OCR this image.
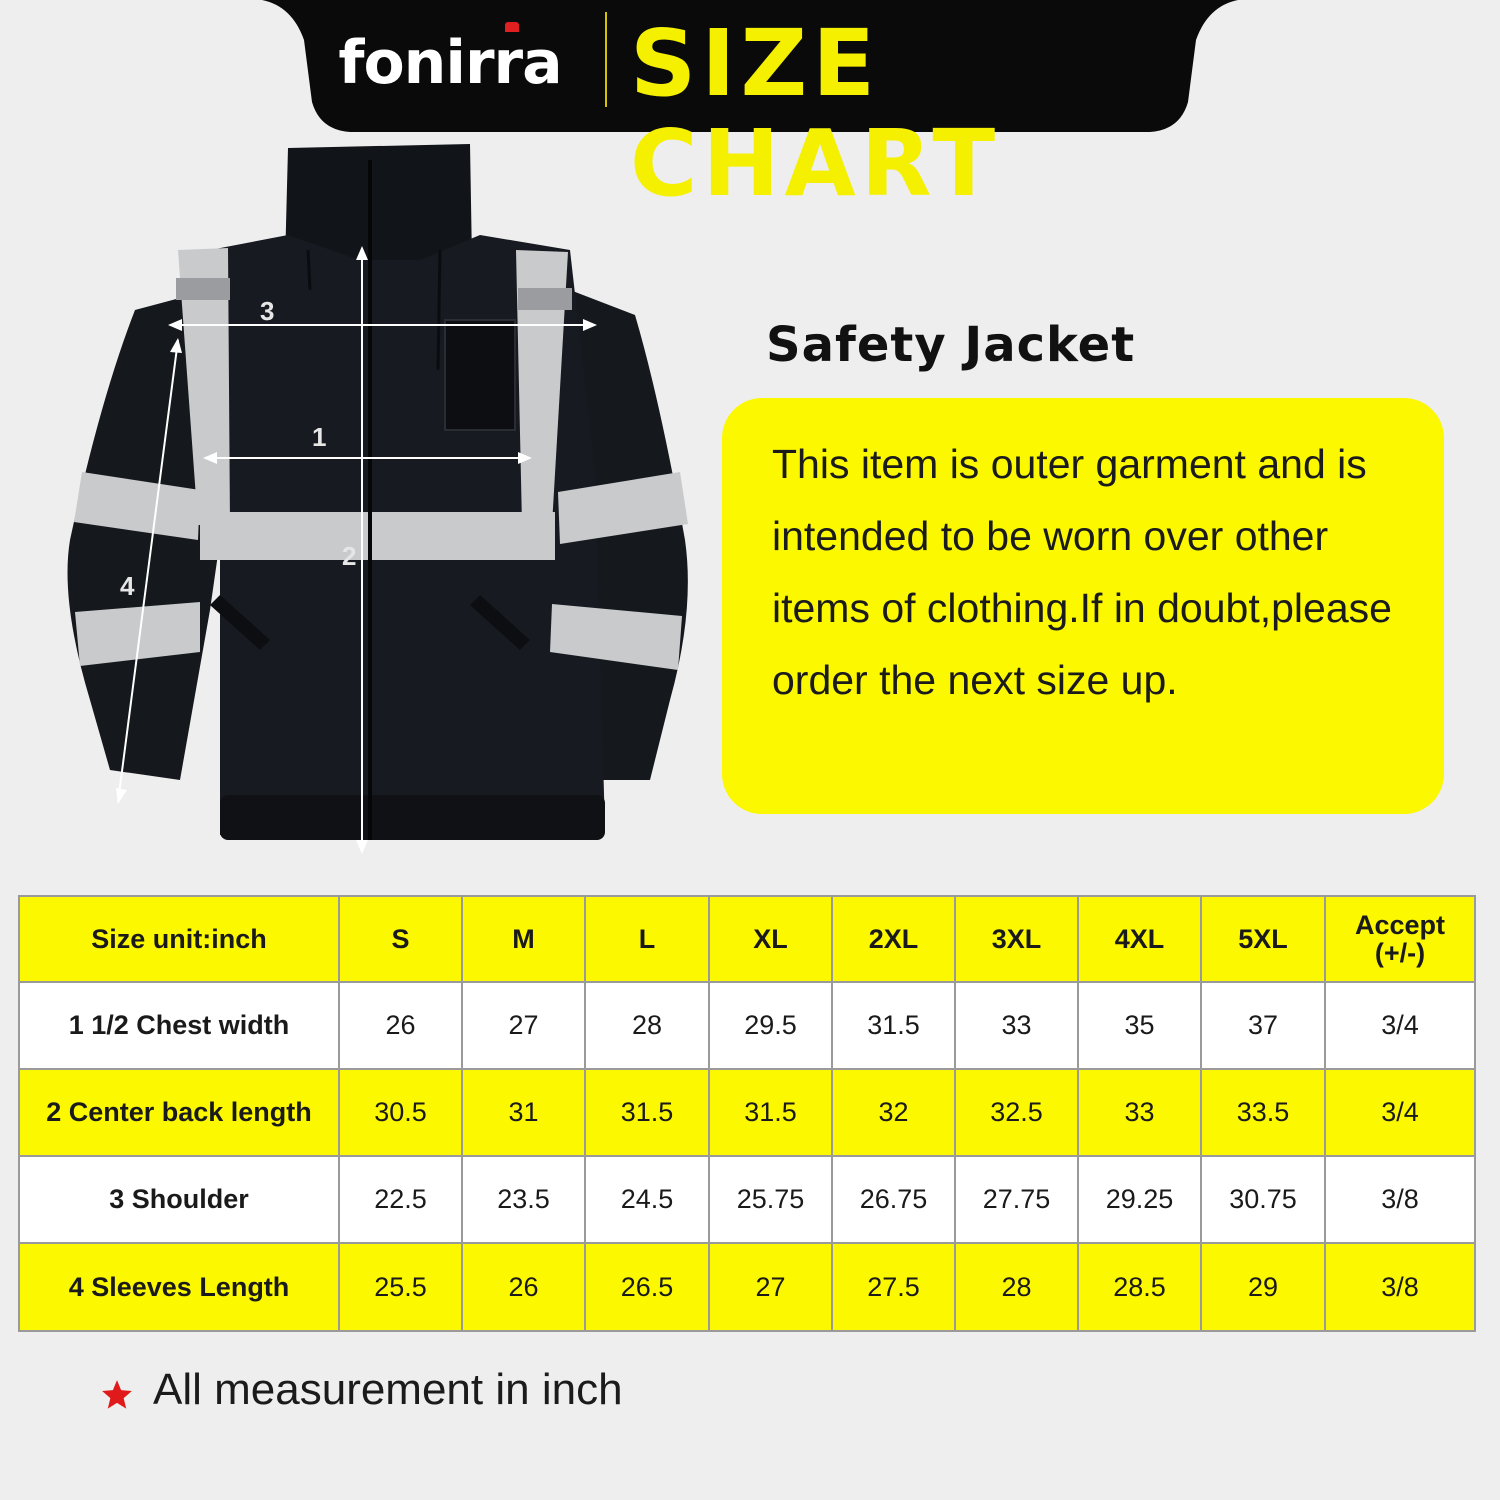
fonirra SIZE CHART
3
1
2
4
Safety Jacket

This item is outer garment and is intended to be worn over other items of clothing.If in doubt,please order the next size up.

Size unit:inch	S	M	L	XL	2XL	3XL	4XL	5XL	Accept
(+/-)

1 1/2 Chest width	26	27	28	29.5	31.5	33	35	37	3/4
2 Center back length	30.5	31	31.5	31.5	32	32.5	33	33.5	3/4
3 Shoulder	22.5	23.5	24.5	25.75	26.75	27.75	29.25	30.75	3/8
4 Sleeves Length	25.5	26	26.5	27	27.5	28	28.5	29	3/8
All measurement in inch
